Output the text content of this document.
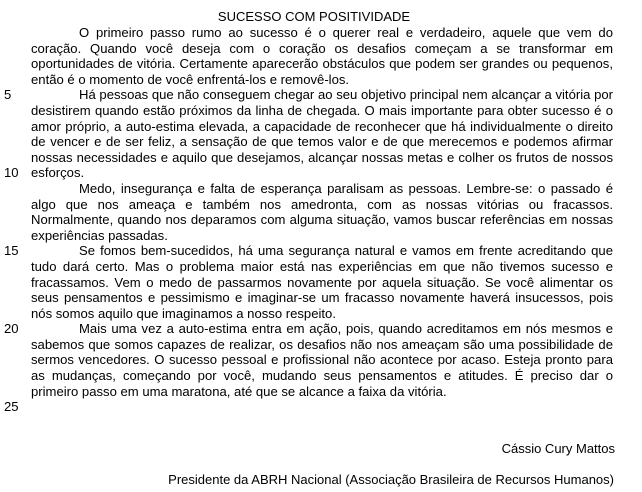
SUCESSO COM POSITIVIDADE
5
10
15
20
25

O primeiro passo rumo ao sucesso é o querer real e verdadeiro, aquele que vem do coração. Quando você deseja com o coração os desafios começam a se transformar em oportunidades de vitória. Certamente aparecerão obstáculos que podem ser grandes ou pequenos, então é o momento de você enfrentá-los e removê-los.

Há pessoas que não conseguem chegar ao seu objetivo principal nem alcançar a vitória por desistirem quando estão próximos da linha de chegada. O mais importante para obter sucesso é o amor próprio, a auto-estima elevada, a capacidade de reconhecer que há individualmente o direito de vencer e de ser feliz, a sensação de que temos valor e de que merecemos e podemos afirmar nossas necessidades e aquilo que desejamos, alcançar nossas metas e colher os frutos de nossos esforços.

Medo, insegurança e falta de esperança paralisam as pessoas. Lembre-se: o passado é algo que nos ameaça e também nos amedronta, com as nossas vitórias ou fracassos. Normalmente, quando nos deparamos com alguma situação, vamos buscar referências em nossas experiências passadas.

Se fomos bem-sucedidos, há uma segurança natural e vamos em frente acreditando que tudo dará certo. Mas o problema maior está nas experiências em que não tivemos sucesso e fracassamos. Vem o medo de passarmos novamente por aquela situação. Se você alimentar os seus pensamentos e pessimismo e imaginar-se um fracasso novamente haverá insucessos, pois nós somos aquilo que imaginamos a nosso respeito.

Mais uma vez a auto-estima entra em ação, pois, quando acreditamos em nós mesmos e sabemos que somos capazes de realizar, os desafios não nos ameaçam são uma possibilidade de sermos vencedores. O sucesso pessoal e profissional não acontece por acaso. Esteja pronto para as mudanças, começando por você, mudando seus pensamentos e atitudes. É preciso dar o primeiro passo em uma maratona, até que se alcance a faixa da vitória.

Cássio Cury Mattos
Presidente da ABRH Nacional (Associação Brasileira de Recursos Humanos)
